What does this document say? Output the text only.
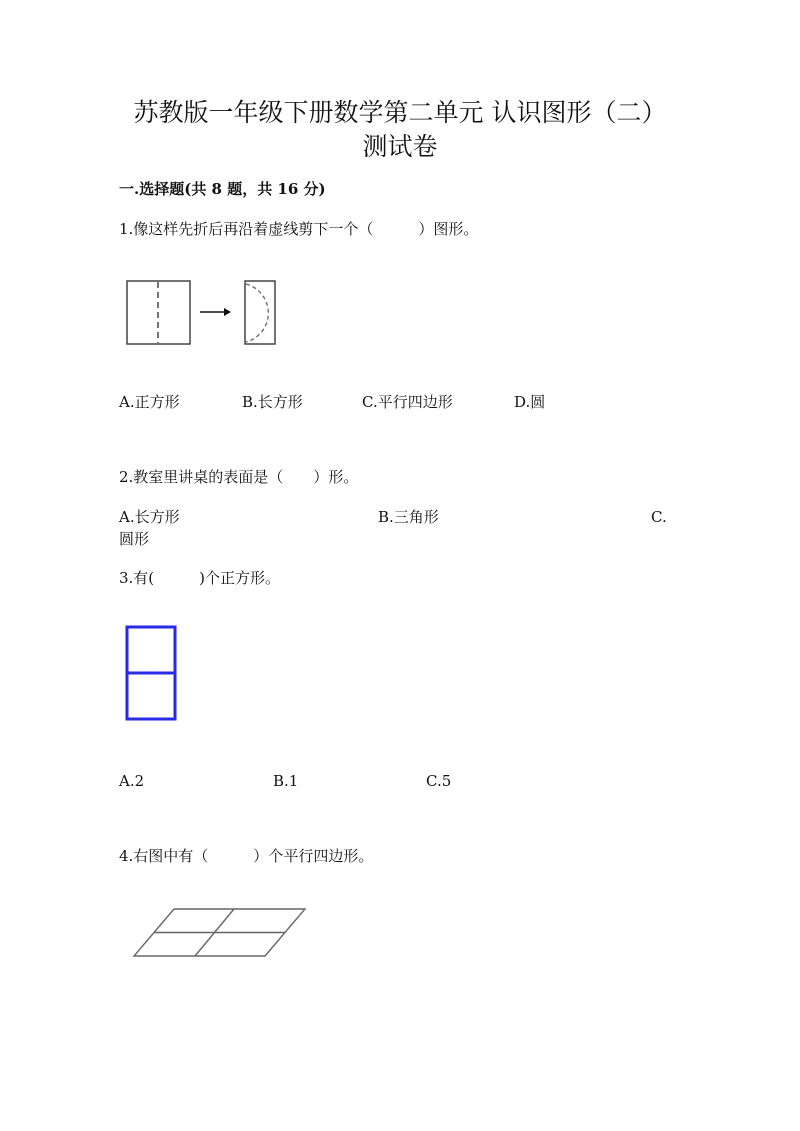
苏教版一年级下册数学第二单元 认识图形（二）
测试卷
一.选择题(共 8 题，共 16 分)
1.像这样先折后再沿着虚线剪下一个（　　　）图形。
A.正方形	B.长方形	C.平行四边形	D.圆
2.教室里讲桌的表面是（　　）形。
A.长方形	B.三角形	C.
圆形
3.有(　　　)个正方形。
A.2	B.1	C.5
4.右图中有（　　　）个平行四边形。
